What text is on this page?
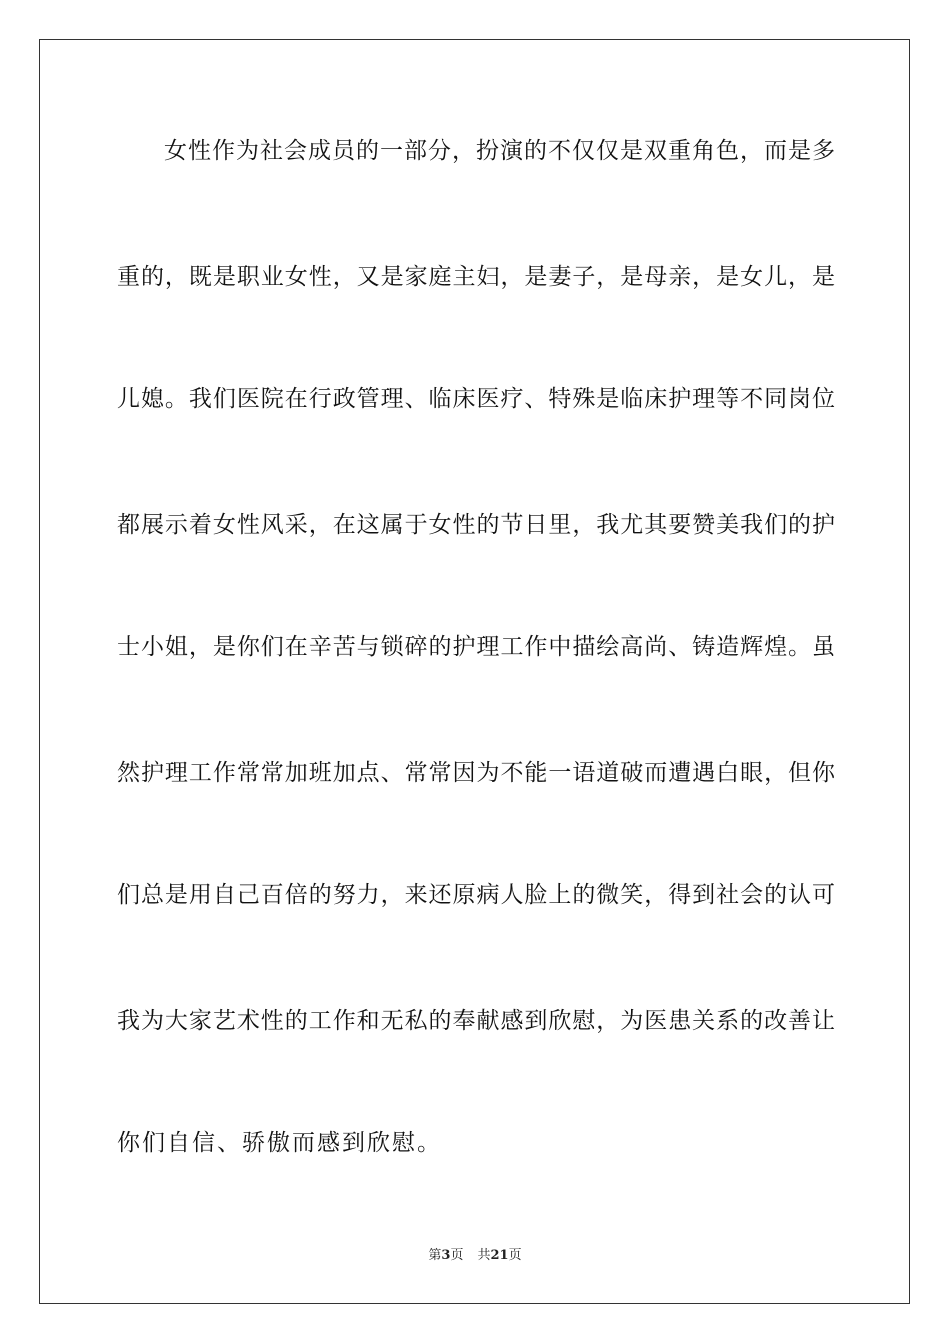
女性作为社会成员的一部分，扮演的不仅仅是双重角色，而是多
重的，既是职业女性，又是家庭主妇，是妻子，是母亲，是女儿，是
儿媳。我们医院在行政管理、临床医疗、特殊是临床护理等不同岗位
都展示着女性风采，在这属于女性的节日里，我尤其要赞美我们的护
士小姐，是你们在辛苦与锁碎的护理工作中描绘高尚、铸造辉煌。虽
然护理工作常常加班加点、常常因为不能一语道破而遭遇白眼，但你
们总是用自己百倍的努力，来还原病人脸上的微笑，得到社会的认可
我为大家艺术性的工作和无私的奉献感到欣慰，为医患关系的改善让
你们自信、骄傲而感到欣慰。
第3页 共21页
